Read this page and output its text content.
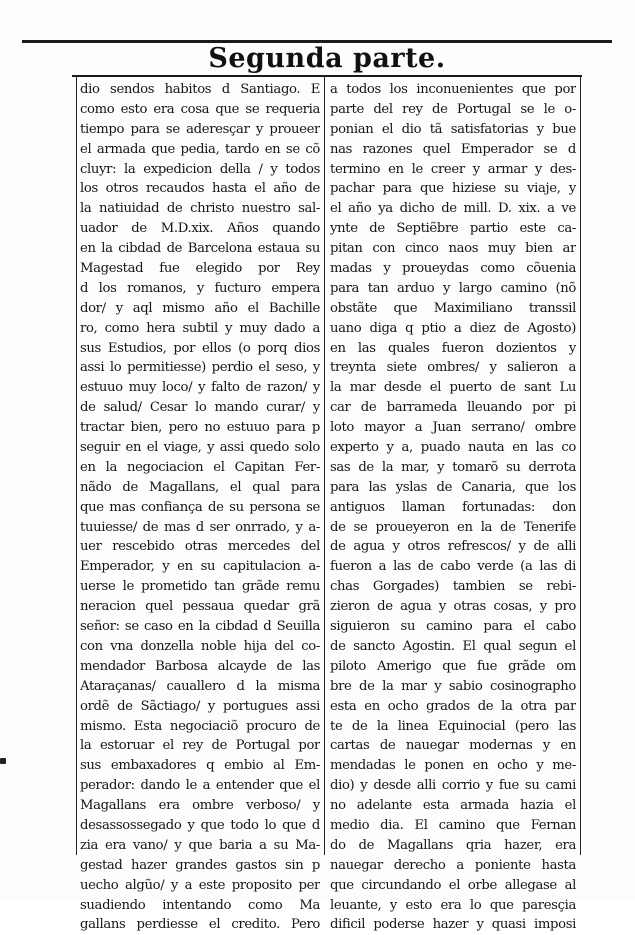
Segunda parte.
dio sendos habitos d Santiago. E
como esto era cosa que se requeria
tiempo para se aderesçar y proueer
el armada que pedia, tardo en se cõ
cluyr: la expedicion della / y todos
los otros recaudos hasta el año de
la natiuidad de christo nuestro sal-
uador de M.D.xix. Años quando
en la cibdad de Barcelona estaua su
Magestad fue elegido por Rey
d los romanos, y fucturo empera
dor/ y aql mismo año el Bachille
ro, como hera subtil y muy dado a
sus Estudios, por ellos (o porq dios
assi lo permitiesse) perdio el seso, y
estuuo muy loco/ y falto de razon/ y
de salud/ Cesar lo mando curar/ y
tractar bien, pero no estuuo para p
seguir en el viage, y assi quedo solo
en la negociacion el Capitan Fer-
nãdo de Magallans, el qual para
que mas confiança de su persona se
tuuiesse/ de mas d ser onrrado, y a-
uer rescebido otras mercedes del
Emperador, y en su capitulacion a-
uerse le prometido tan grãde remu
neracion quel pessaua quedar grã
señor: se caso en la cibdad d Seuilla
con vna donzella noble hija del co-
mendador Barbosa alcayde de las
Ataraçanas/ cauallero d la misma
ordẽ de Sãctiago/ y portugues assi
mismo. Esta negociaciõ procuro de
la estoruar el rey de Portugal por
sus embaxadores q embio al Em-
perador: dando le a entender que el
Magallans era ombre verboso/ y
desassossegado y que todo lo que d
zia era vano/ y que baria a su Ma-
gestad hazer grandes gastos sin p
uecho algũo/ y a este proposito per
suadiendo intentando como Ma
gallans perdiesse el credito. Pero
a todos los inconuenientes que por
parte del rey de Portugal se le o-
ponian el dio tã satisfatorias y bue
nas razones quel Emperador se d
termino en le creer y armar y des-
pachar para que hiziese su viaje, y
el año ya dicho de mill. D. xix. a ve
ynte de Septiẽbre partio este ca-
pitan con cinco naos muy bien ar
madas y proueydas como cõuenia
para tan arduo y largo camino (nõ
obstãte que Maximiliano transsil
uano diga q ptio a diez de Agosto)
en las quales fueron dozientos y
treynta siete ombres/ y salieron a
la mar desde el puerto de sant Lu
car de barrameda lleuando por pi
loto mayor a Juan serrano/ ombre
experto y a, puado nauta en las co
sas de la mar, y tomarõ su derrota
para las yslas de Canaria, que los
antiguos llaman fortunadas: don
de se proueyeron en la de Tenerife
de agua y otros refrescos/ y de alli
fueron a las de cabo verde (a las di
chas Gorgades) tambien se rebi-
zieron de agua y otras cosas, y pro
siguieron su camino para el cabo
de sancto Agostin. El qual segun el
piloto Amerigo que fue grãde om
bre de la mar y sabio cosinographo
esta en ocho grados de la otra par
te de la linea Equinocial (pero las
cartas de nauegar modernas y en
mendadas le ponen en ocho y me-
dio) y desde alli corrio y fue su cami
no adelante esta armada hazia el
medio dia. El camino que Fernan
do de Magallans qria hazer, era
nauegar derecho a poniente hasta
que circundando el orbe allegase al
leuante, y esto era lo que paresçia
dificil poderse hazer y quasi imposi
